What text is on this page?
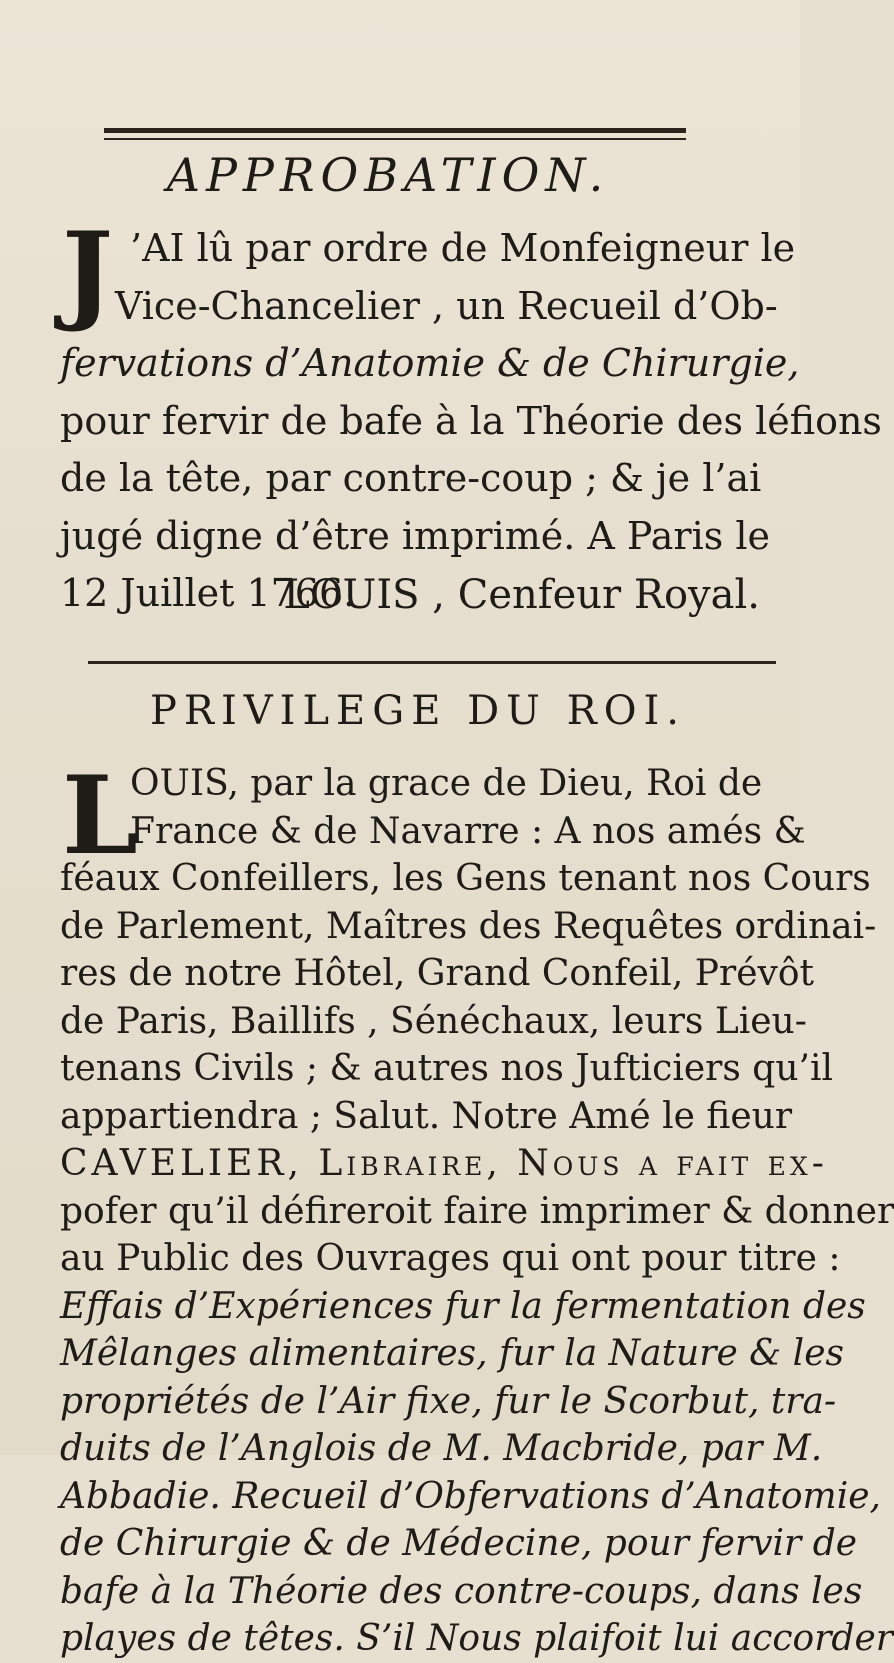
APPROBATION.
J ’AI lû par ordre de Monfeigneur le
Vice-Chancelier , un Recueil d’Ob-
fervations d’Anatomie & de Chirurgie,
pour fervir de bafe à la Théorie des léfions
de la tête, par contre-coup ; & je l’ai
jugé digne d’être imprimé. A Paris le
12 Juillet 1766.
LOUIS , Cenfeur Royal.
PRIVILEGE DU ROI.
L
OUIS, par la grace de Dieu, Roi de
France & de Navarre : A nos amés &
féaux Confeillers, les Gens tenant nos Cours
de Parlement, Maîtres des Requêtes ordinai-
res de notre Hôtel, Grand Confeil, Prévôt
de Paris, Baillifs , Sénéchaux, leurs Lieu-
tenans Civils ; & autres nos Jufticiers qu’il
appartiendra ; Salut. Notre Amé le fieur
CAVELIER, Libraire, Nous a fait ex-
pofer qu’il défireroit faire imprimer & donner
au Public des Ouvrages qui ont pour titre :
Effais d’Expériences fur la fermentation des
Mêlanges alimentaires, fur la Nature & les
propriétés de l’Air fixe, fur le Scorbut, tra-
duits de l’Anglois de M. Macbride, par M.
Abbadie. Recueil d’Obfervations d’Anatomie,
de Chirurgie & de Médecine, pour fervir de
bafe à la Théorie des contre-coups, dans les
playes de têtes. S’il Nous plaifoit lui accorder
